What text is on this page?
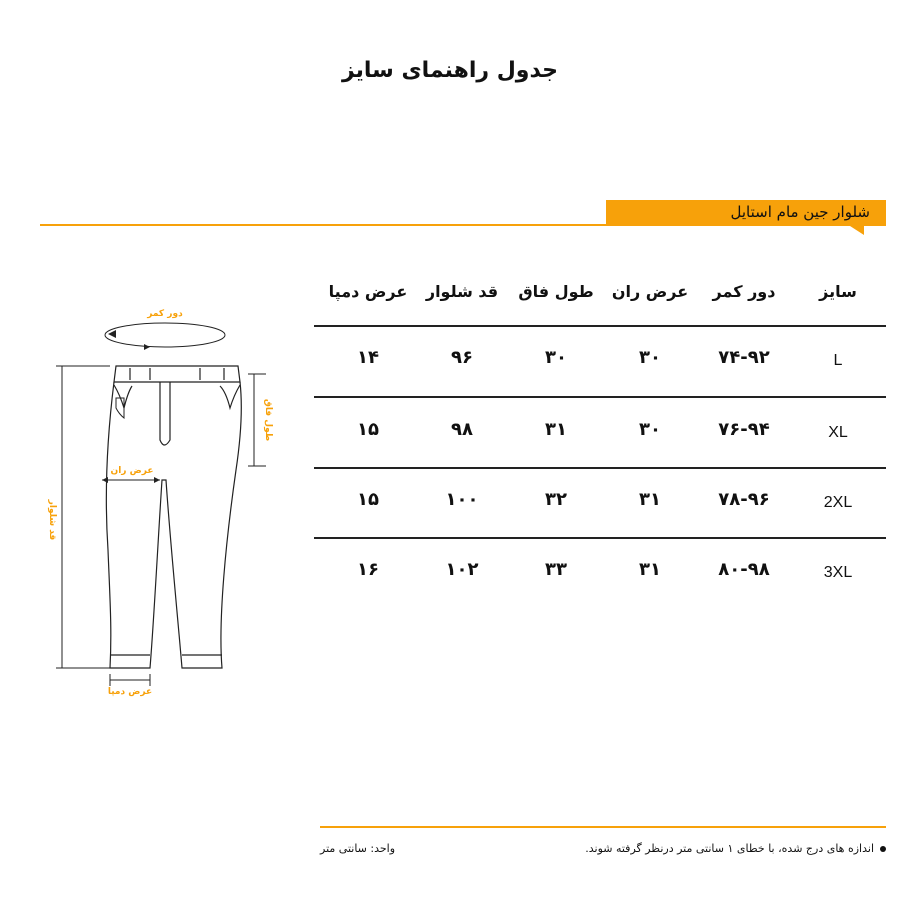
جدول راهنمای سایز
شلوار جین مام استایل
سایز
دور کمر
عرض ران
طول فاق
قد شلوار
عرض دمپا
L
۷۴-۹۲
۳۰
۳۰
۹۶
۱۴
XL
۷۶-۹۴
۳۰
۳۱
۹۸
۱۵
2XL
۷۸-۹۶
۳۱
۳۲
۱۰۰
۱۵
3XL
۸۰-۹۸
۳۱
۳۳
۱۰۲
۱۶
دور کمر
طول فاق
عرض ران
قد شلوار
عرض دمپا
اندازه های درج شده، با خطای ۱ سانتی متر درنظر گرفته شوند.
واحد: سانتی متر
